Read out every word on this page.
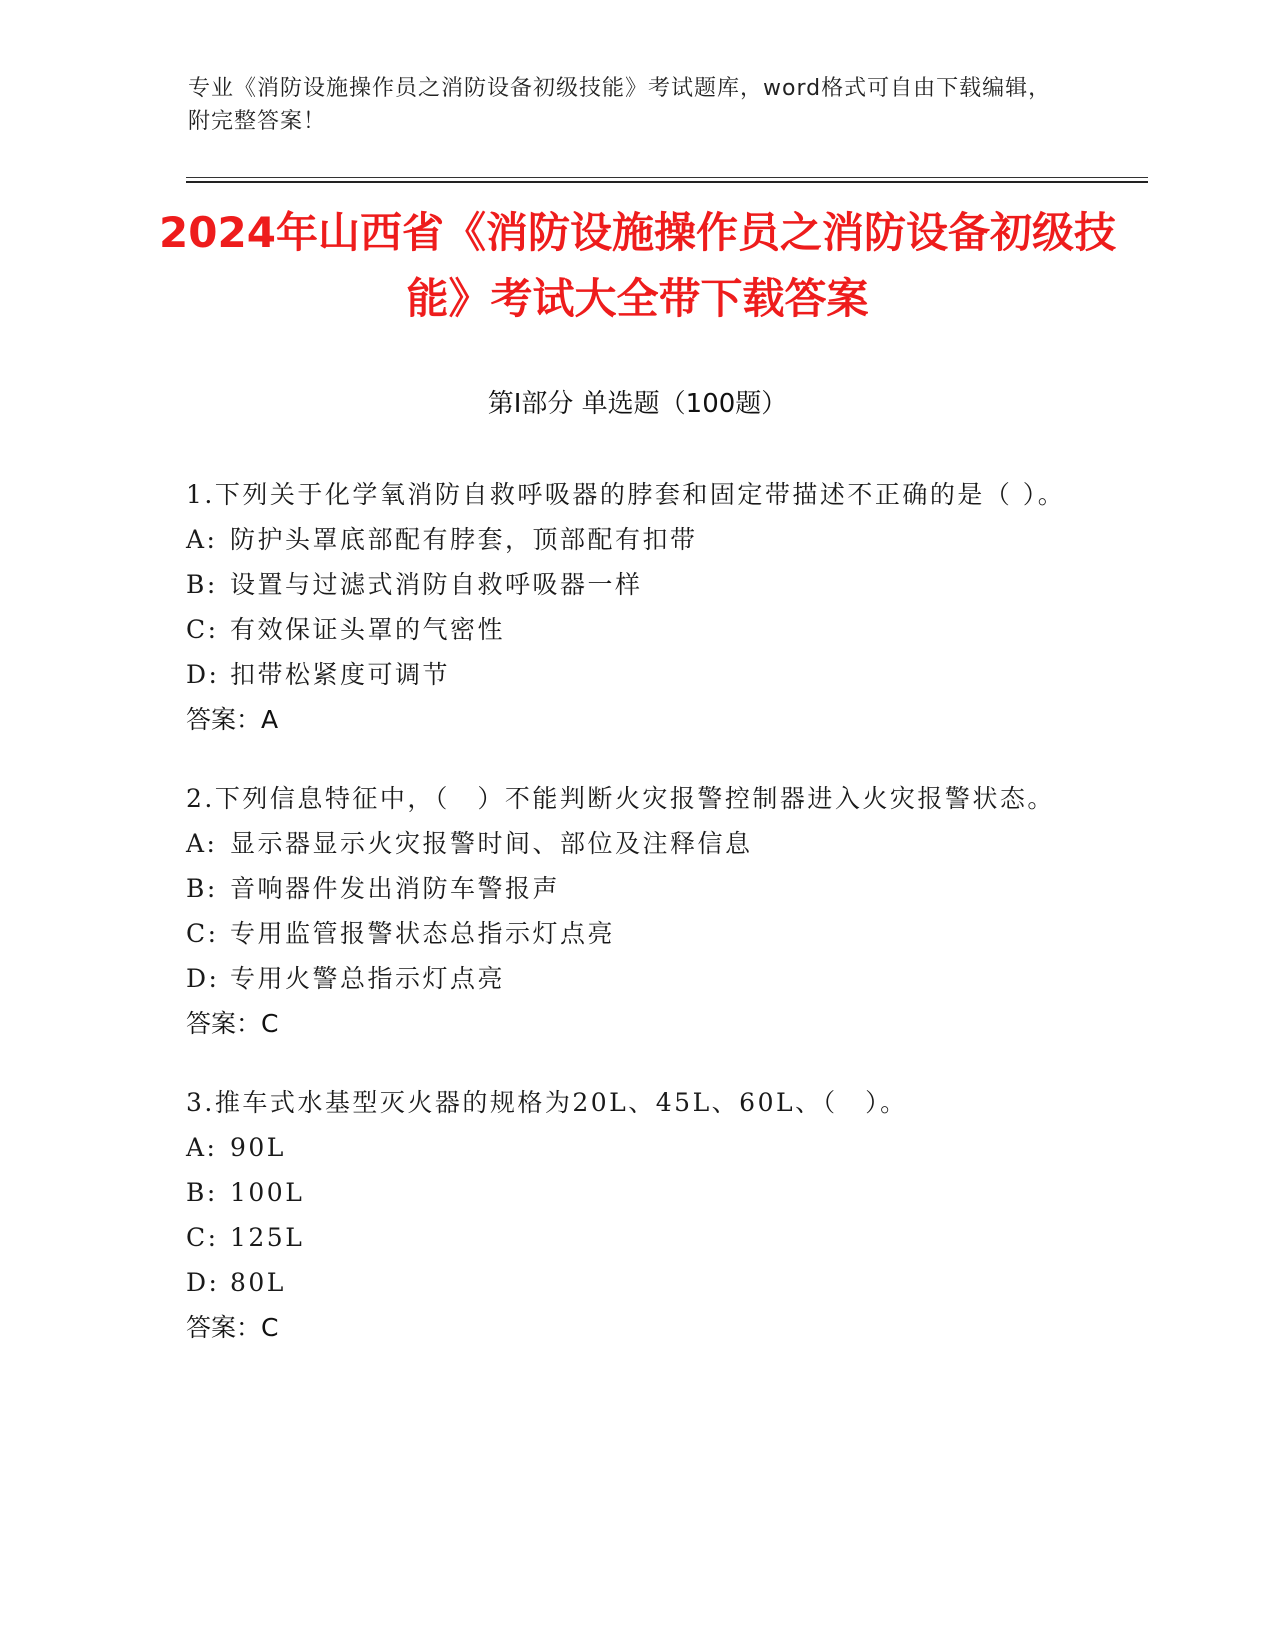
专业《消防设施操作员之消防设备初级技能》考试题库，word格式可自由下载编辑，附完整答案！
2024年山西省《消防设施操作员之消防设备初级技能》考试大全带下载答案
第Ⅰ部分 单选题（100题）

1.下列关于化学氧消防自救呼吸器的脖套和固定带描述不正确的是（ ）。

A: 防护头罩底部配有脖套，顶部配有扣带

B: 设置与过滤式消防自救呼吸器一样

C: 有效保证头罩的气密性

D: 扣带松紧度可调节

答案：A

2.下列信息特征中，（　）不能判断火灾报警控制器进入火灾报警状态。

A: 显示器显示火灾报警时间、部位及注释信息

B: 音响器件发出消防车警报声

C: 专用监管报警状态总指示灯点亮

D: 专用火警总指示灯点亮

答案：C

3.推车式水基型灭火器的规格为20L、45L、60L、（　）。

A: 90L

B: 100L

C: 125L

D: 80L

答案：C
